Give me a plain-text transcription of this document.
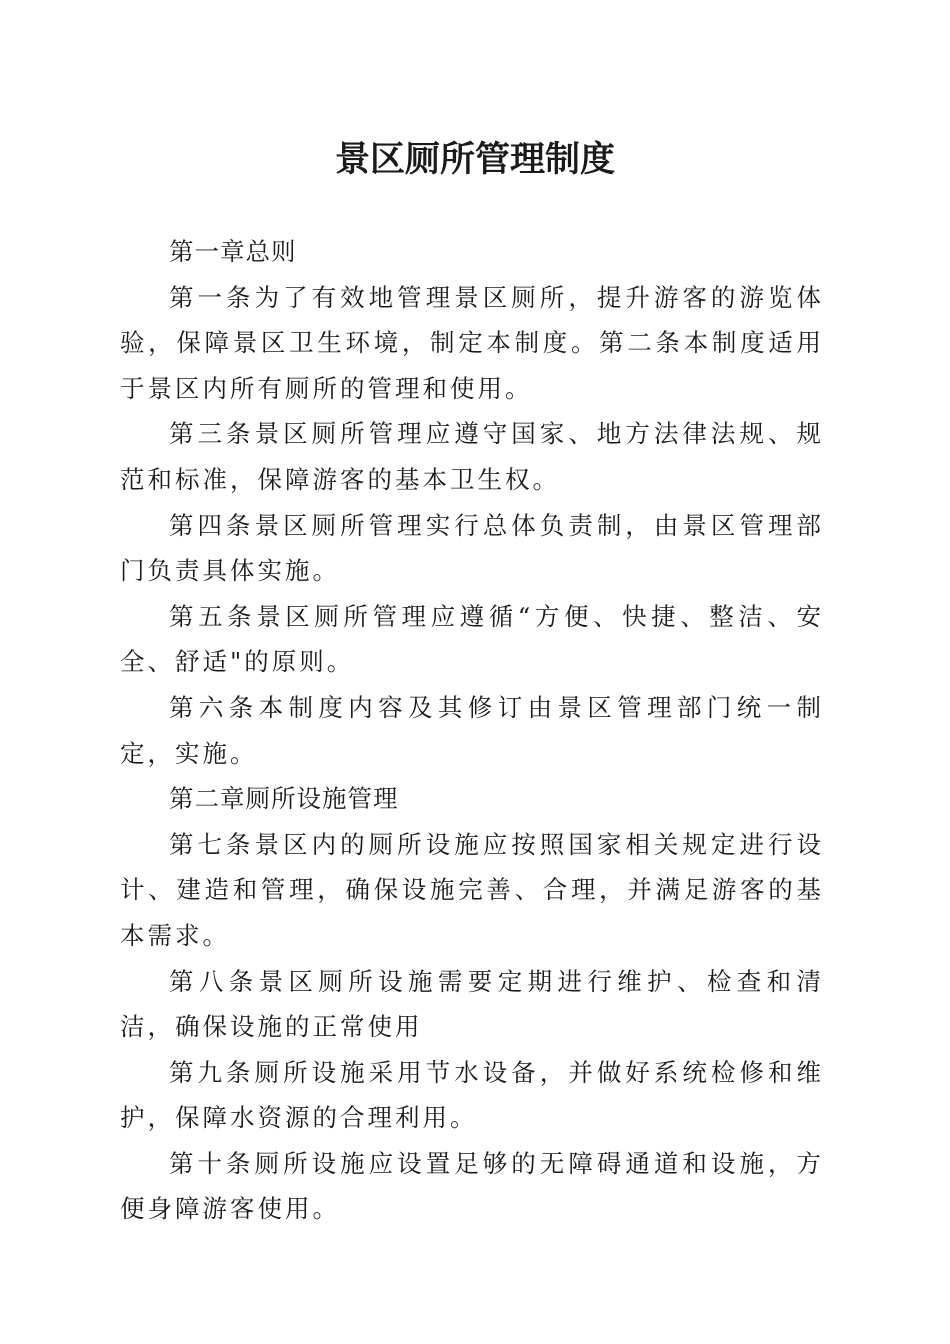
景区厕所管理制度

第一章总则

第一条为了有效地管理景区厕所，提升游客的游览体验，保障景区卫生环境，制定本制度。第二条本制度适用于景区内所有厕所的管理和使用。

第三条景区厕所管理应遵守国家、地方法律法规、规范和标准，保障游客的基本卫生权。

第四条景区厕所管理实行总体负责制，由景区管理部门负责具体实施。

第五条景区厕所管理应遵循“方便、快捷、整洁、安全、舒适"的原则。

第六条本制度内容及其修订由景区管理部门统一制定，实施。

第二章厕所设施管理

第七条景区内的厕所设施应按照国家相关规定进行设计、建造和管理，确保设施完善、合理，并满足游客的基本需求。

第八条景区厕所设施需要定期进行维护、检查和清洁，确保设施的正常使用

第九条厕所设施采用节水设备，并做好系统检修和维护，保障水资源的合理利用。

第十条厕所设施应设置足够的无障碍通道和设施，方便身障游客使用。
